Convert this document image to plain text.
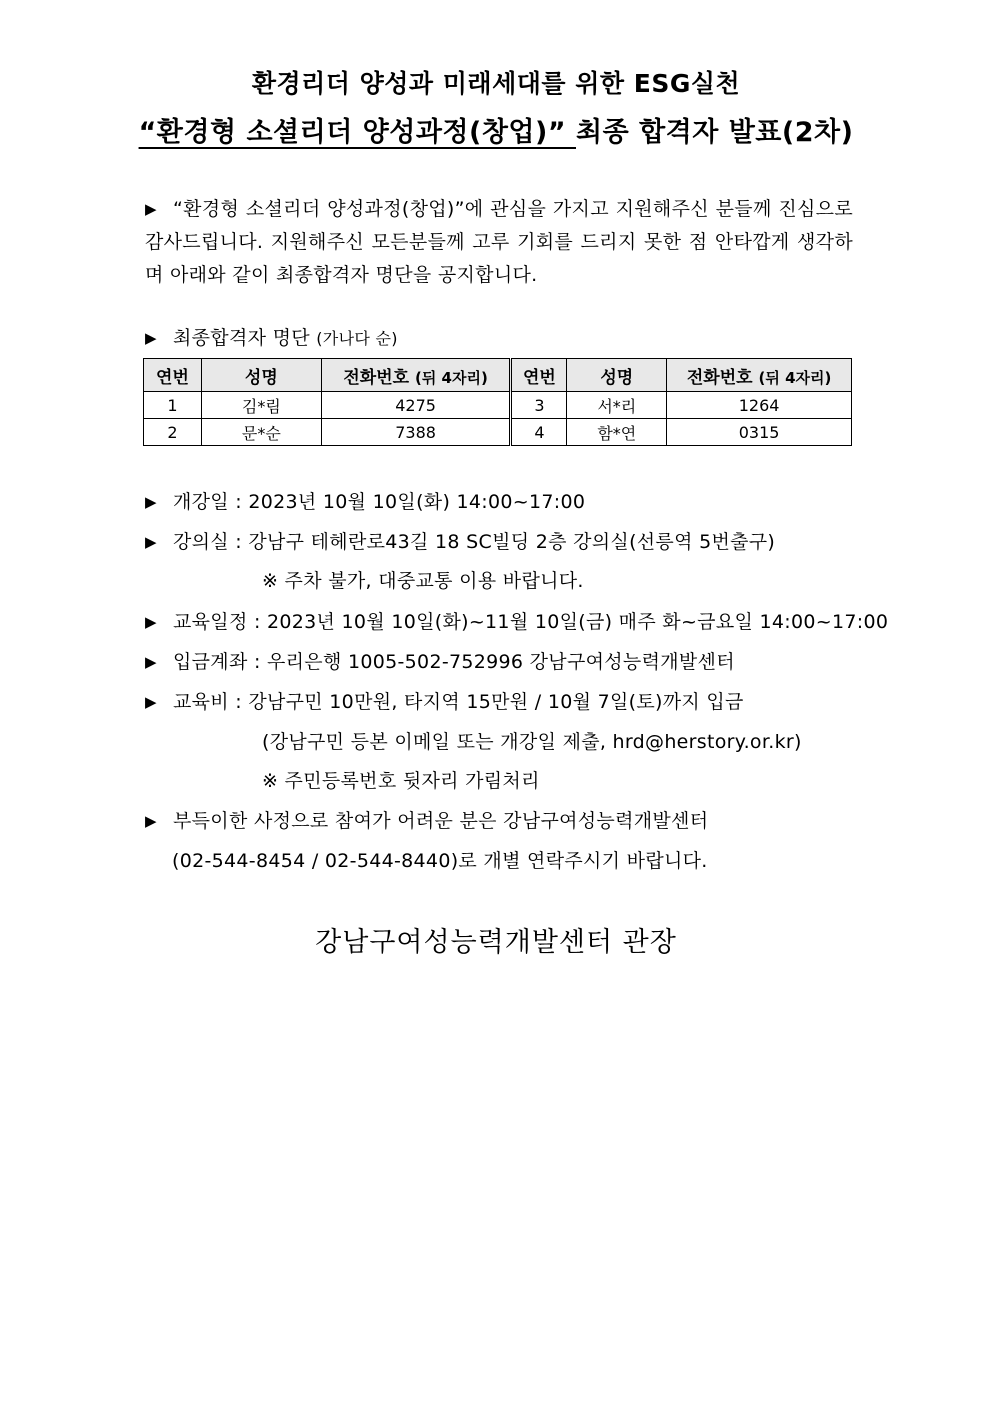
환경리더 양성과 미래세대를 위한 ESG실천
“환경형 소셜리더 양성과정(창업)” 최종 합격자 발표(2차)
▶ “환경형 소셜리더 양성과정(창업)”에 관심을 가지고 지원해주신 분들께 진심으로 감사드립니다. 지원해주신 모든분들께 고루 기회를 드리지 못한 점 안타깝게 생각하며 아래와 같이 최종합격자 명단을 공지합니다.
▶ 최종합격자 명단 (가나다 순)
연번	성명	전화번호 (뒤 4자리)	연번	성명	전화번호 (뒤 4자리)
1	김*림	4275	3	서*리	1264
2	문*순	7388	4	함*연	0315
▶ 개강일 : 2023년 10월 10일(화) 14:00~17:00
▶ 강의실 : 강남구 테헤란로43길 18 SC빌딩 2층 강의실(선릉역 5번출구)
※ 주차 불가, 대중교통 이용 바랍니다.
▶ 교육일정 : 2023년 10월 10일(화)~11월 10일(금) 매주 화~금요일 14:00~17:00
▶ 입금계좌 : 우리은행 1005-502-752996 강남구여성능력개발센터
▶ 교육비 : 강남구민 10만원, 타지역 15만원 / 10월 7일(토)까지 입금
(강남구민 등본 이메일 또는 개강일 제출, hrd@herstory.or.kr)
※ 주민등록번호 뒷자리 가림처리
▶ 부득이한 사정으로 참여가 어려운 분은 강남구여성능력개발센터
(02-544-8454 / 02-544-8440)로 개별 연락주시기 바랍니다.
강남구여성능력개발센터 관장
